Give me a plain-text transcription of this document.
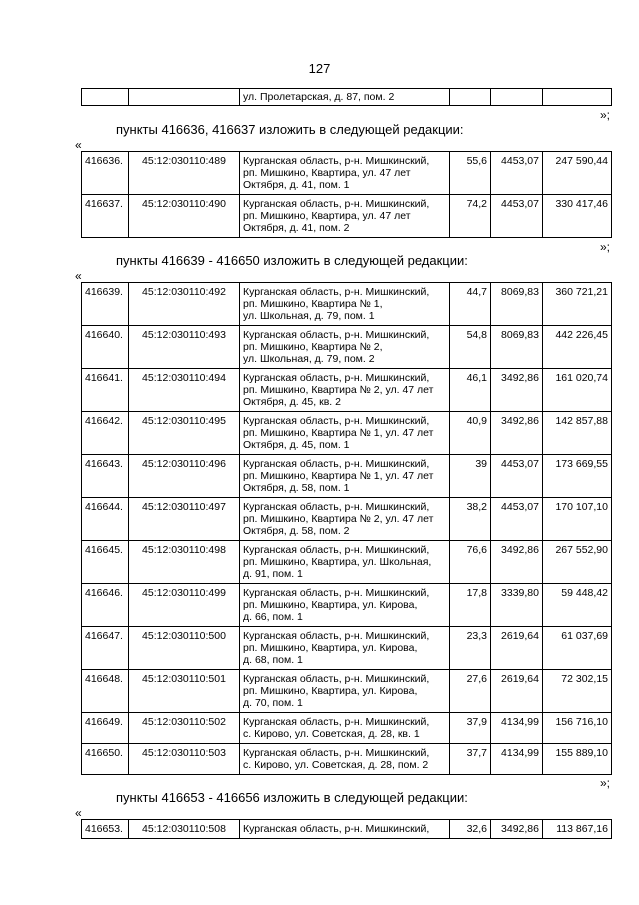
127
		ул. Пролетарская, д. 87, пом. 2			
»;
пункты 416636, 416637 изложить в следующей редакции:
«
416636.	45:12:030110:489	Курганская область, р-н. Мишкинский,
рп. Мишкино, Квартира, ул. 47 лет
Октября, д. 41, пом. 1	55,6	4453,07	247 590,44
416637.	45:12:030110:490	Курганская область, р-н. Мишкинский,
рп. Мишкино, Квартира, ул. 47 лет
Октября, д. 41, пом. 2	74,2	4453,07	330 417,46
»;
пункты 416639 - 416650 изложить в следующей редакции:
«
416639.	45:12:030110:492	Курганская область, р-н. Мишкинский,
рп. Мишкино, Квартира № 1,
ул. Школьная, д. 79, пом. 1	44,7	8069,83	360 721,21
416640.	45:12:030110:493	Курганская область, р-н. Мишкинский,
рп. Мишкино, Квартира № 2,
ул. Школьная, д. 79, пом. 2	54,8	8069,83	442 226,45
416641.	45:12:030110:494	Курганская область, р-н. Мишкинский,
рп. Мишкино, Квартира № 2, ул. 47 лет
Октября, д. 45, кв. 2	46,1	3492,86	161 020,74
416642.	45:12:030110:495	Курганская область, р-н. Мишкинский,
рп. Мишкино, Квартира № 1, ул. 47 лет
Октября, д. 45, пом. 1	40,9	3492,86	142 857,88
416643.	45:12:030110:496	Курганская область, р-н. Мишкинский,
рп. Мишкино, Квартира № 1, ул. 47 лет
Октября, д. 58, пом. 1	39	4453,07	173 669,55
416644.	45:12:030110:497	Курганская область, р-н. Мишкинский,
рп. Мишкино, Квартира № 2, ул. 47 лет
Октября, д. 58, пом. 2	38,2	4453,07	170 107,10
416645.	45:12:030110:498	Курганская область, р-н. Мишкинский,
рп. Мишкино, Квартира, ул. Школьная,
д. 91, пом. 1	76,6	3492,86	267 552,90
416646.	45:12:030110:499	Курганская область, р-н. Мишкинский,
рп. Мишкино, Квартира, ул. Кирова,
д. 66, пом. 1	17,8	3339,80	59 448,42
416647.	45:12:030110:500	Курганская область, р-н. Мишкинский,
рп. Мишкино, Квартира, ул. Кирова,
д. 68, пом. 1	23,3	2619,64	61 037,69
416648.	45:12:030110:501	Курганская область, р-н. Мишкинский,
рп. Мишкино, Квартира, ул. Кирова,
д. 70, пом. 1	27,6	2619,64	72 302,15
416649.	45:12:030110:502	Курганская область, р-н. Мишкинский,
с. Кирово, ул. Советская, д. 28, кв. 1	37,9	4134,99	156 716,10
416650.	45:12:030110:503	Курганская область, р-н. Мишкинский,
с. Кирово, ул. Советская, д. 28, пом. 2	37,7	4134,99	155 889,10
»;
пункты 416653 - 416656 изложить в следующей редакции:
«
416653.	45:12:030110:508	Курганская область, р-н. Мишкинский,	32,6	3492,86	113 867,16
